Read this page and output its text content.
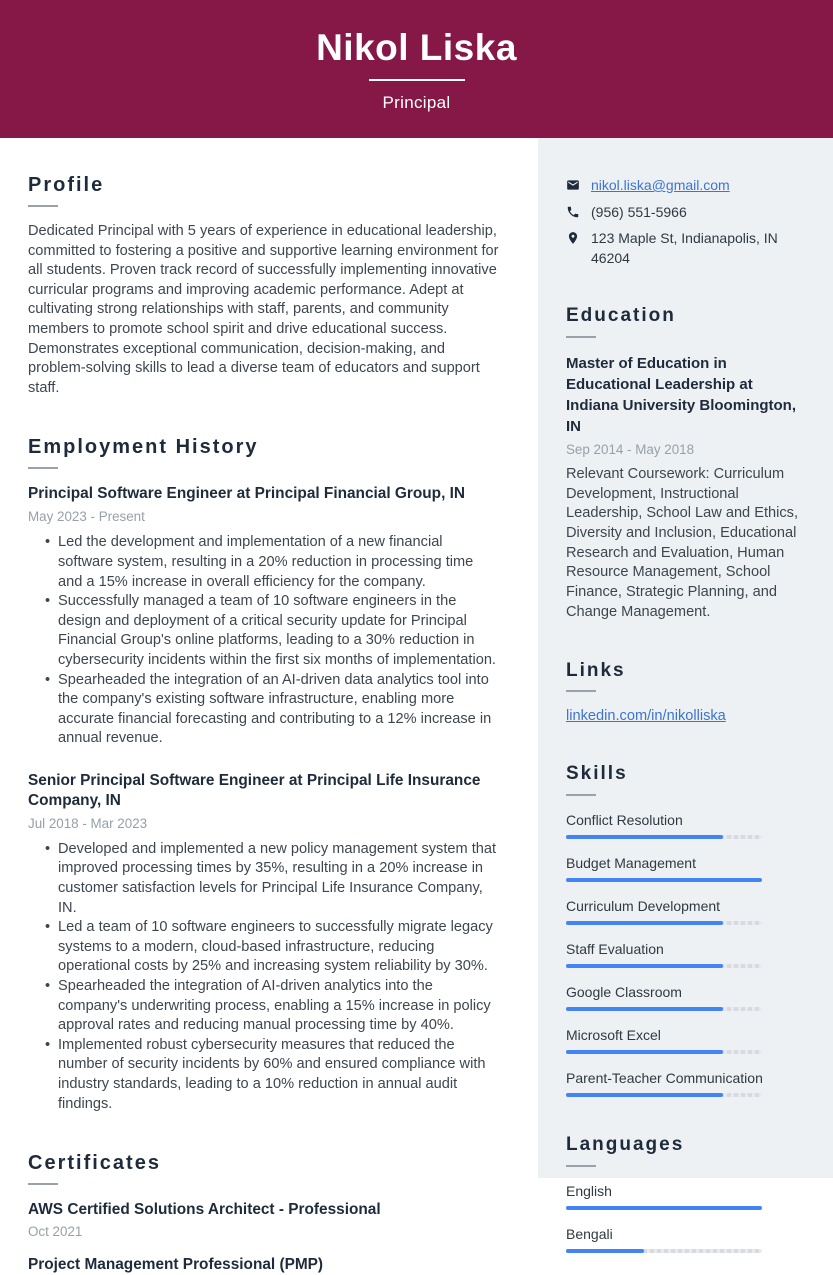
Nikol Liska
Principal
Profile

Dedicated Principal with 5 years of experience in educational leadership, committed to fostering a positive and supportive learning environment for all students. Proven track record of successfully implementing innovative curricular programs and improving academic performance. Adept at cultivating strong relationships with staff, parents, and community members to promote school spirit and drive educational success. Demonstrates exceptional communication, decision-making, and problem-solving skills to lead a diverse team of educators and support staff.

Employment History
Principal Software Engineer at Principal Financial Group, IN
May 2023 - Present
• Led the development and implementation of a new financial software system, resulting in a 20% reduction in processing time and a 15% increase in overall efficiency for the company.
• Successfully managed a team of 10 software engineers in the design and deployment of a critical security update for Principal Financial Group's online platforms, leading to a 30% reduction in cybersecurity incidents within the first six months of implementation.
• Spearheaded the integration of an AI-driven data analytics tool into the company's existing software infrastructure, enabling more accurate financial forecasting and contributing to a 12% increase in annual revenue.
Senior Principal Software Engineer at Principal Life Insurance Company, IN
Jul 2018 - Mar 2023
• Developed and implemented a new policy management system that improved processing times by 35%, resulting in a 20% increase in customer satisfaction levels for Principal Life Insurance Company, IN.
• Led a team of 10 software engineers to successfully migrate legacy systems to a modern, cloud-based infrastructure, reducing operational costs by 25% and increasing system reliability by 30%.
• Spearheaded the integration of AI-driven analytics into the company's underwriting process, enabling a 15% increase in policy approval rates and reducing manual processing time by 40%.
• Implemented robust cybersecurity measures that reduced the number of security incidents by 60% and ensured compliance with industry standards, leading to a 10% reduction in annual audit findings.
Certificates
AWS Certified Solutions Architect - Professional
Oct 2021
Project Management Professional (PMP)
nikol.liska@gmail.com
(956) 551-5966
123 Maple St, Indianapolis, IN 46204
Education
Master of Education in Educational Leadership at Indiana University Bloomington, IN
Sep 2014 - May 2018

Relevant Coursework: Curriculum Development, Instructional Leadership, School Law and Ethics, Diversity and Inclusion, Educational Research and Evaluation, Human Resource Management, School Finance, Strategic Planning, and Change Management.

Links
linkedin.com/in/nikolliska
Skills
Conflict Resolution
Budget Management
Curriculum Development
Staff Evaluation
Google Classroom
Microsoft Excel
Parent-Teacher Communication
Languages
English
Bengali
